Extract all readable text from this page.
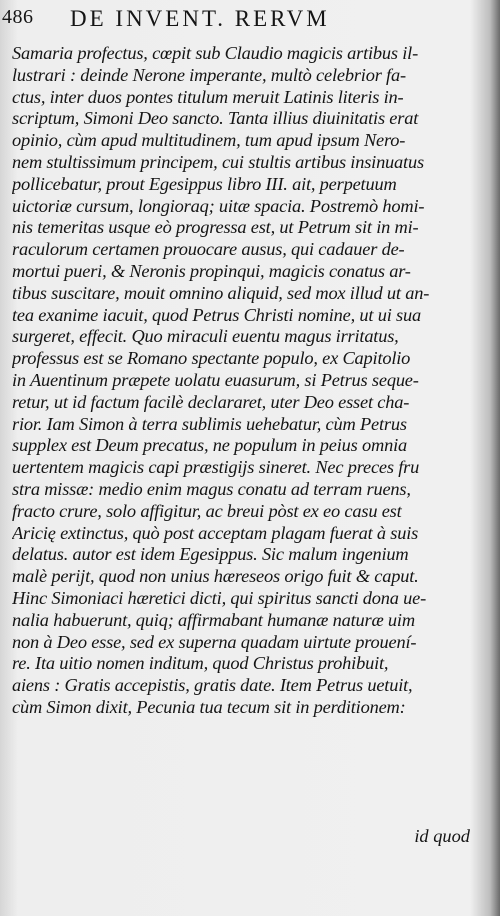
486 DE INVENT. RERVM
Samaria profectus, cœpit sub Claudio magicis artibus il-
lustrari : deinde Nerone imperante, multò celebrior fa-
ctus, inter duos pontes titulum meruit Latinis literis in-
scriptum, Simoni Deo sancto. Tanta illius diuinitatis erat
opinio, cùm apud multitudinem, tum apud ipsum Nero-
nem stultissimum principem, cui stultis artibus insinuatus
pollicebatur, prout Egesippus libro III. ait, perpetuum
uictoriæ cursum, longioraq; uitæ spacia. Postremò homi-
nis temeritas usque eò progressa est, ut Petrum sit in mi-
raculorum certamen prouocare ausus, qui cadauer de-
mortui pueri, & Neronis propinqui, magicis conatus ar-
tibus suscitare, mouit omnino aliquid, sed mox illud ut an-
tea exanime iacuit, quod Petrus Christi nomine, ut ui sua
surgeret, effecit. Quo miraculi euentu magus irritatus,
professus est se Romano spectante populo, ex Capitolio
in Auentinum præpete uolatu euasurum, si Petrus seque-
retur, ut id factum facilè declararet, uter Deo esset cha-
rior. Iam Simon à terra sublimis uehebatur, cùm Petrus
supplex est Deum precatus, ne populum in peius omnia
uertentem magicis capi præstigijs sineret. Nec preces fru
stra missæ: medio enim magus conatu ad terram ruens,
fracto crure, solo affigitur, ac breui pòst ex eo casu est
Aricię extinctus, quò post acceptam plagam fuerat à suis
delatus. autor est idem Egesippus. Sic malum ingenium
malè perijt, quod non unius hæreseos origo fuit & caput.
Hinc Simoniaci hæretici dicti, qui spiritus sancti dona ue-
nalia habuerunt, quiq; affirmabant humanæ naturæ uim
non à Deo esse, sed ex superna quadam uirtute prouení-
re. Ita uitio nomen inditum, quod Christus prohibuit,
aiens : Gratis accepistis, gratis date. Item Petrus uetuit,
cùm Simon dixit, Pecunia tua tecum sit in perditionem:
id quod
